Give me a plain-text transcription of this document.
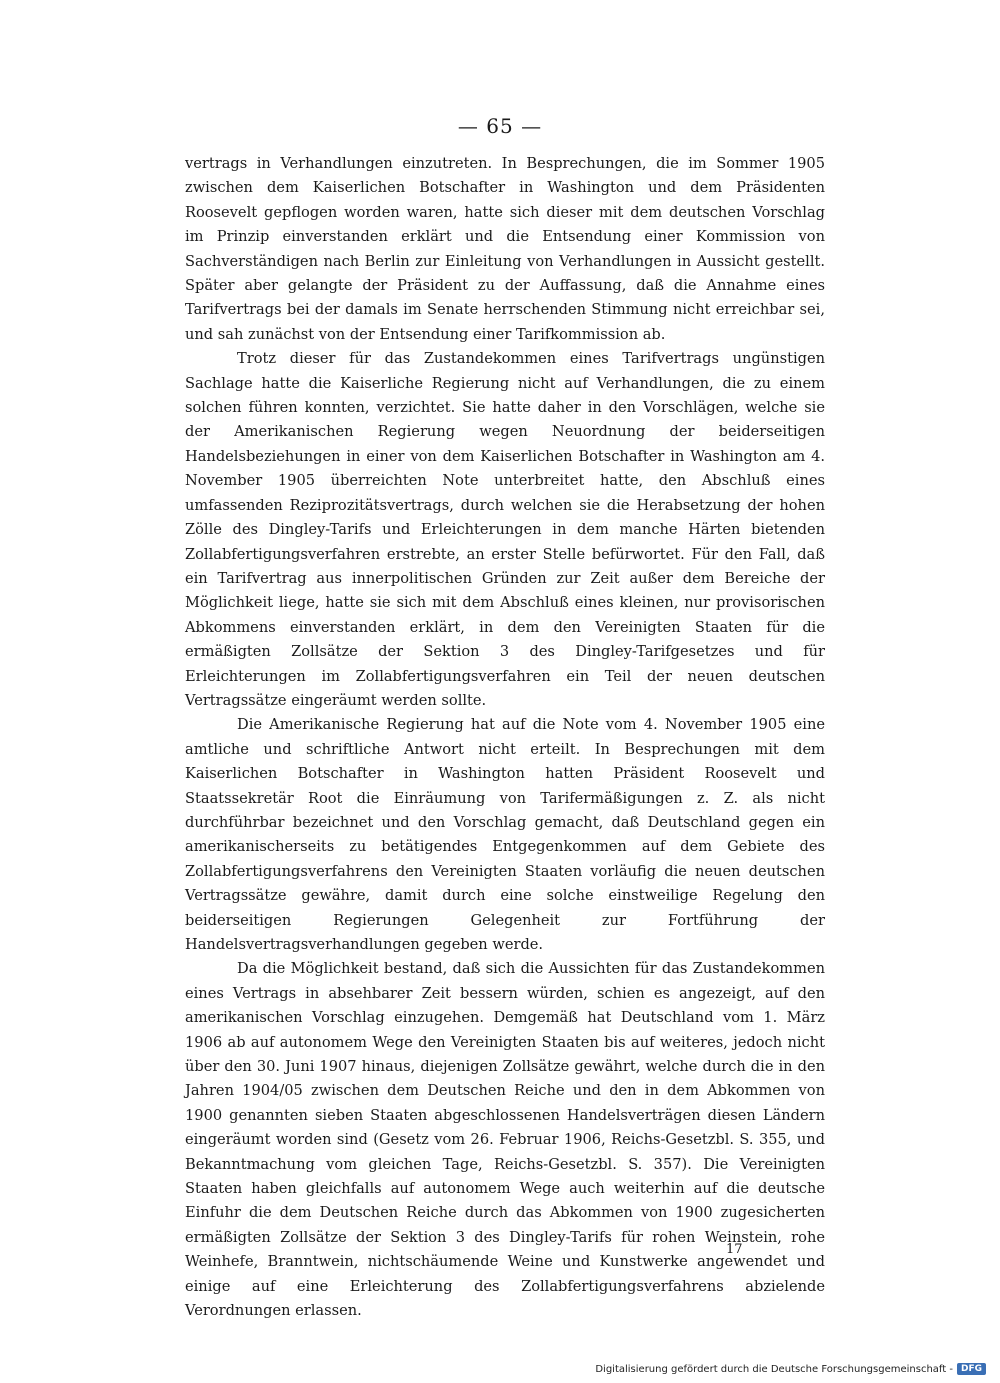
— 65 —

vertrags in Verhandlungen einzutreten. In Besprechungen, die im Sommer 1905 zwischen dem Kaiserlichen Botschafter in Washington und dem Präsidenten Roosevelt gepflogen worden waren, hatte sich dieser mit dem deutschen Vorschlag im Prinzip einverstanden erklärt und die Entsendung einer Kommission von Sachverständigen nach Berlin zur Einleitung von Verhandlungen in Aussicht gestellt. Später aber gelangte der Präsident zu der Auffassung, daß die Annahme eines Tarifvertrags bei der damals im Senate herrschenden Stimmung nicht erreichbar sei, und sah zunächst von der Entsendung einer Tarifkommission ab.

Trotz dieser für das Zustandekommen eines Tarifvertrags ungünstigen Sachlage hatte die Kaiserliche Regierung nicht auf Verhandlungen, die zu einem solchen führen konnten, verzichtet. Sie hatte daher in den Vorschlägen, welche sie der Amerikanischen Regierung wegen Neuordnung der beiderseitigen Handelsbeziehungen in einer von dem Kaiserlichen Botschafter in Washington am 4. November 1905 überreichten Note unterbreitet hatte, den Abschluß eines umfassenden Reziprozitätsvertrags, durch welchen sie die Herabsetzung der hohen Zölle des Dingley-Tarifs und Erleichterungen in dem manche Härten bietenden Zollabfertigungsverfahren erstrebte, an erster Stelle befürwortet. Für den Fall, daß ein Tarifvertrag aus innerpolitischen Gründen zur Zeit außer dem Bereiche der Möglichkeit liege, hatte sie sich mit dem Abschluß eines kleinen, nur provisorischen Abkommens einverstanden erklärt, in dem den Vereinigten Staaten für die ermäßigten Zollsätze der Sektion 3 des Dingley-Tarifgesetzes und für Erleichterungen im Zollabfertigungsverfahren ein Teil der neuen deutschen Vertragssätze eingeräumt werden sollte.

Die Amerikanische Regierung hat auf die Note vom 4. November 1905 eine amtliche und schriftliche Antwort nicht erteilt. In Besprechungen mit dem Kaiserlichen Botschafter in Washington hatten Präsident Roosevelt und Staatssekretär Root die Einräumung von Tarifermäßigungen z. Z. als nicht durchführbar bezeichnet und den Vorschlag gemacht, daß Deutschland gegen ein amerikanischerseits zu betätigendes Entgegenkommen auf dem Gebiete des Zollabfertigungsverfahrens den Vereinigten Staaten vorläufig die neuen deutschen Vertragssätze gewähre, damit durch eine solche einstweilige Regelung den beiderseitigen Regierungen Gelegenheit zur Fortführung der Handelsvertragsverhandlungen gegeben werde.

Da die Möglichkeit bestand, daß sich die Aussichten für das Zustandekommen eines Vertrags in absehbarer Zeit bessern würden, schien es angezeigt, auf den amerikanischen Vorschlag einzugehen. Demgemäß hat Deutschland vom 1. März 1906 ab auf autonomem Wege den Vereinigten Staaten bis auf weiteres, jedoch nicht über den 30. Juni 1907 hinaus, diejenigen Zollsätze gewährt, welche durch die in den Jahren 1904/05 zwischen dem Deutschen Reiche und den in dem Abkommen von 1900 genannten sieben Staaten abgeschlossenen Handelsverträgen diesen Ländern eingeräumt worden sind (Gesetz vom 26. Februar 1906, Reichs-Gesetzbl. S. 355, und Bekanntmachung vom gleichen Tage, Reichs-Gesetzbl. S. 357). Die Vereinigten Staaten haben gleichfalls auf autonomem Wege auch weiterhin auf die deutsche Einfuhr die dem Deutschen Reiche durch das Abkommen von 1900 zugesicherten ermäßigten Zollsätze der Sektion 3 des Dingley-Tarifs für rohen Weinstein, rohe Weinhefe, Branntwein, nichtschäumende Weine und Kunstwerke angewendet und einige auf eine Erleichterung des Zollabfertigungsverfahrens abzielende Verordnungen erlassen.

17
Digitalisierung gefördert durch die Deutsche Forschungsgemeinschaft - DFG
